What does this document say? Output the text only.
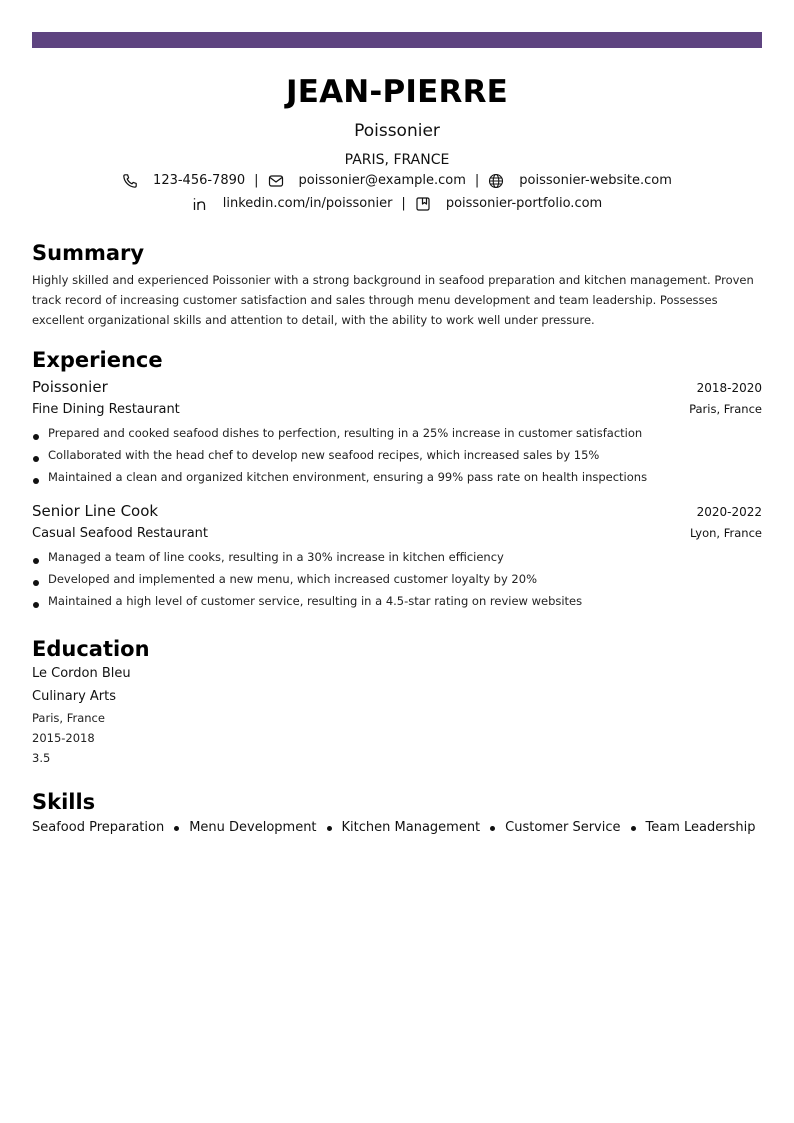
JEAN-PIERRE
Poissonier
PARIS, FRANCE
123-456-7890 |	poissonier@example.com |	poissonier-website.com
linkedin.com/in/poissonier |	poissonier-portfolio.com
Summary
Highly skilled and experienced Poissonier with a strong background in seafood preparation and kitchen management. Proven track record of increasing customer satisfaction and sales through menu development and team leadership. Possesses excellent organizational skills and attention to detail, with the ability to work well under pressure.
Experience
Poissonier	2018-2020
Fine Dining Restaurant	Paris, France
Prepared and cooked seafood dishes to perfection, resulting in a 25% increase in customer satisfaction
Collaborated with the head chef to develop new seafood recipes, which increased sales by 15%
Maintained a clean and organized kitchen environment, ensuring a 99% pass rate on health inspections
Senior Line Cook	2020-2022
Casual Seafood Restaurant	Lyon, France
Managed a team of line cooks, resulting in a 30% increase in kitchen efficiency
Developed and implemented a new menu, which increased customer loyalty by 20%
Maintained a high level of customer service, resulting in a 4.5-star rating on review websites
Education
Le Cordon Bleu
Culinary Arts
Paris, France
2015-2018
3.5
Skills
Seafood Preparation Menu Development Kitchen Management Customer Service Team Leadership
